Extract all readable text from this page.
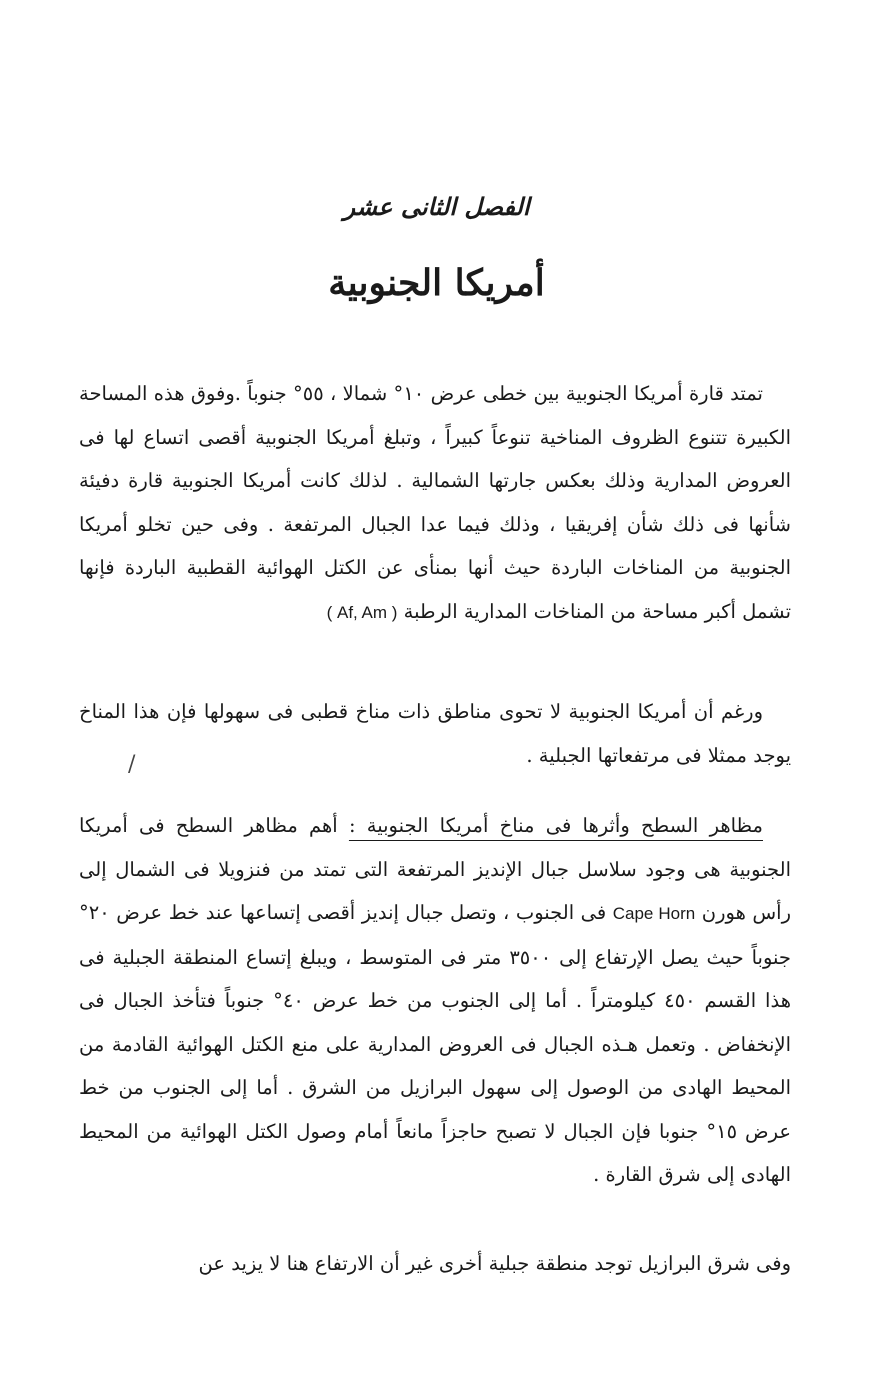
الفصل الثانى عشر
أمريكا الجنوبية

تمتد قارة أمريكا الجنوبية بين خطى عرض ١٠° شمالا ، ٥٥° جنوباً .وفوق هذه المساحة الكبيرة تتنوع الظروف المناخية تنوعاً كبيراً ، وتبلغ أمريكا الجنوبية أقصى اتساع لها فى العروض المدارية وذلك بعكس جارتها الشمالية . لذلك كانت أمريكا الجنوبية قارة دفيئة شأنها فى ذلك شأن إفريقيا ، وذلك فيما عدا الجبال المرتفعة . وفى حين تخلو أمريكا الجنوبية من المناخات الباردة حيث أنها بمنأى عن الكتل الهوائية القطبية الباردة فإنها تشمل أكبر مساحة من المناخات المدارية الرطبة ( Af, Am )

ورغم أن أمريكا الجنوبية لا تحوى مناطق ذات مناخ قطبى فى سهولها فإن هذا المناخ يوجد ممثلا فى مرتفعاتها الجبلية .

مظاهر السطح وأثرها فى مناخ أمريكا الجنوبية : أهم مظاهر السطح فى أمريكا الجنوبية هى وجود سلاسل جبال الإنديز المرتفعة التى تمتد من فنزويلا فى الشمال إلى رأس هورن Cape Horn فى الجنوب ، وتصل جبال إنديز أقصى إتساعها عند خط عرض ٢٠° جنوباً حيث يصل الإرتفاع إلى ٣٥٠٠ متر فى المتوسط ، ويبلغ إتساع المنطقة الجبلية فى هذا القسم ٤٥٠ كيلومتراً . أما إلى الجنوب من خط عرض ٤٠° جنوباً فتأخذ الجبال فى الإنخفاض . وتعمل هـذه الجبال فى العروض المدارية على منع الكتل الهوائية القادمة من المحيط الهادى من الوصول إلى سهول البرازيل من الشرق . أما إلى الجنوب من خط عرض ١٥° جنوبا فإن الجبال لا تصبح حاجزاً مانعاً أمام وصول الكتل الهوائية من المحيط الهادى إلى شرق القارة .

وفى شرق البرازيل توجد منطقة جبلية أخرى غير أن الارتفاع هنا لا يزيد عن

/
